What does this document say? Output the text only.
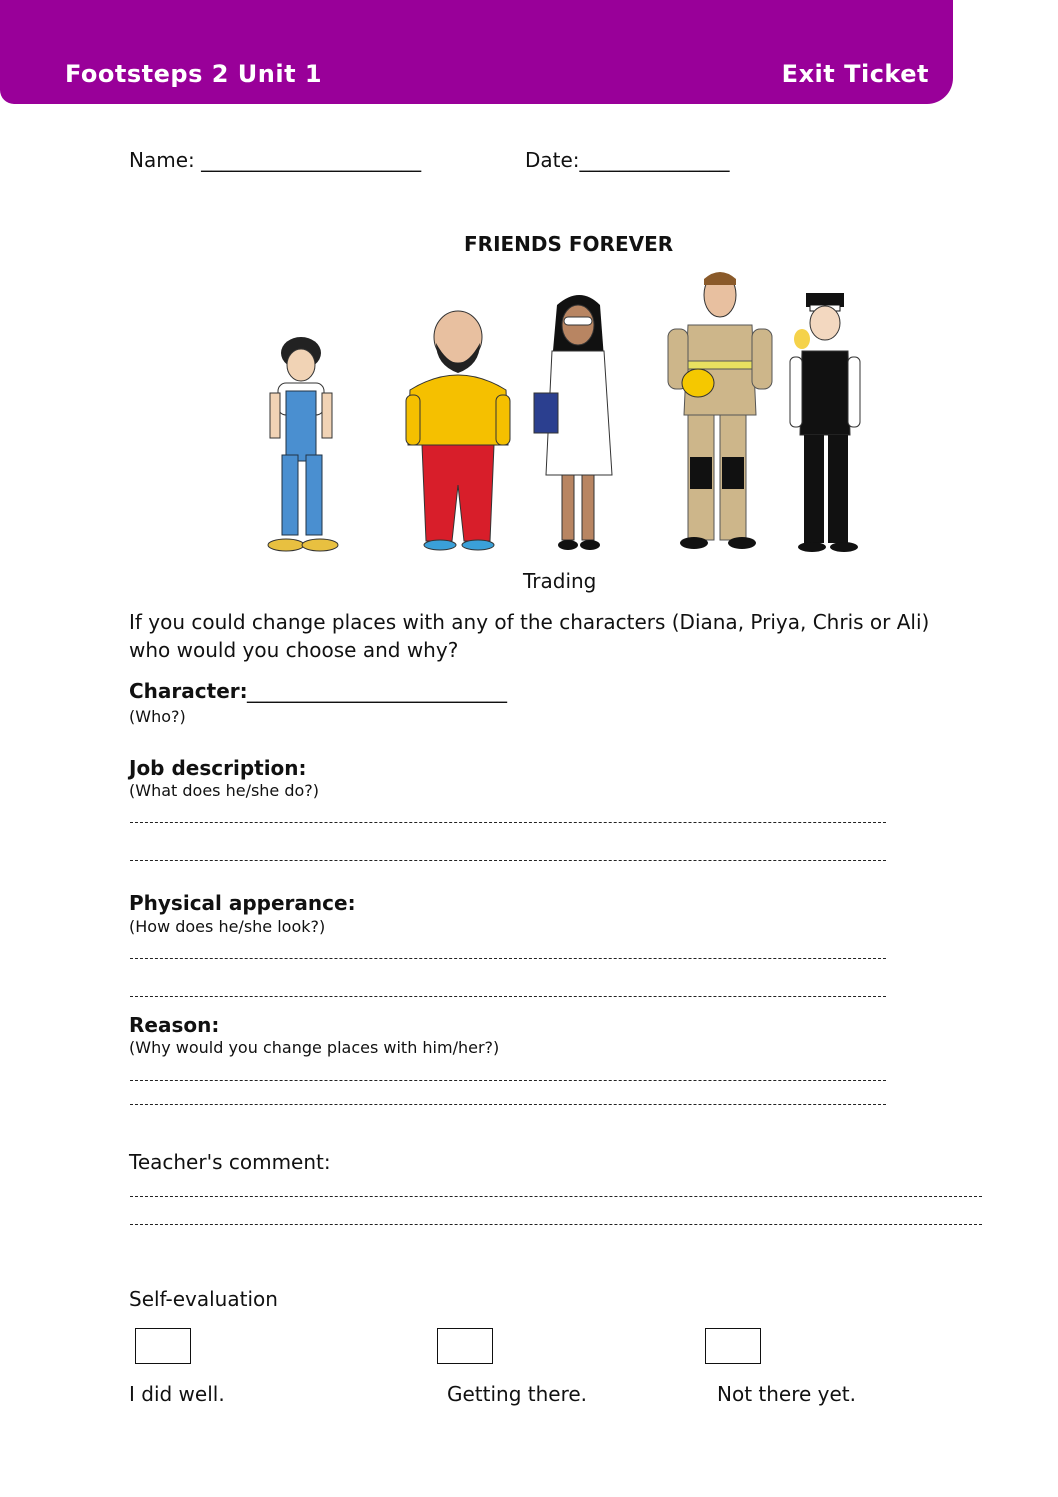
Footsteps 2 Unit 1	Exit Ticket
Name: ______________________	Date:_______________
FRIENDS FOREVER
Trading
If you could change places with any of the characters (Diana, Priya, Chris or Ali)
who would you choose and why?
Character: __________________________
(Who?)
Job description:
(What does he/she do?)
Physical apperance:
(How does he/she look?)
Reason:
(Why would you change places with him/her?)
Teacher's comment:
Self-evaluation
I did well.	Getting there.	Not there yet.
